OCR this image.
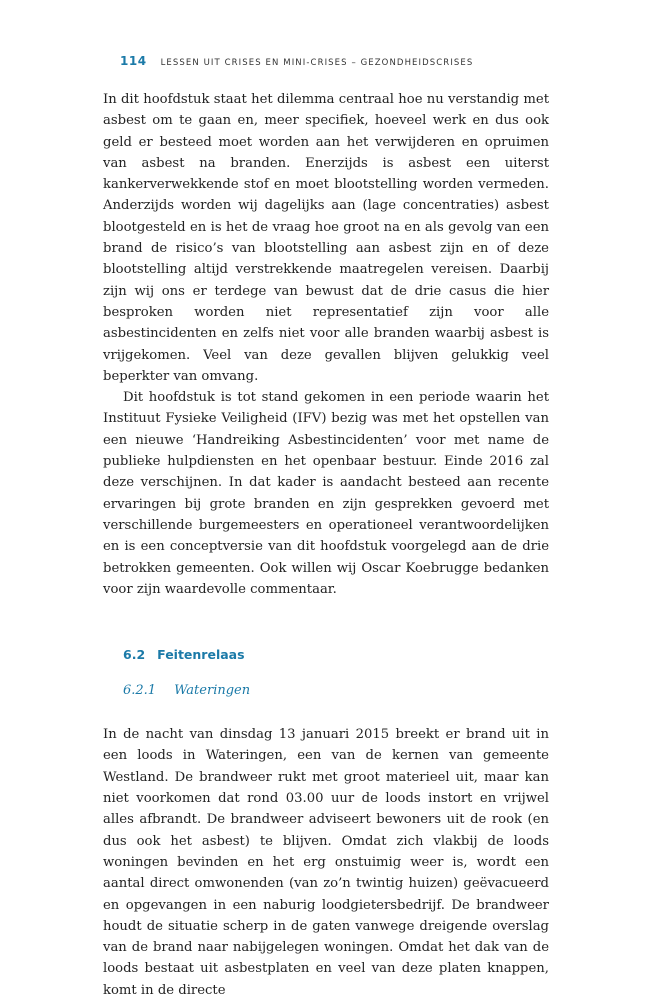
114 LESSEN UIT CRISES EN MINI-CRISES – GEZONDHEIDSCRISES

In dit hoofdstuk staat het dilemma centraal hoe nu verstandig met asbest om te gaan en, meer specifiek, hoeveel werk en dus ook geld er besteed moet worden aan het verwijderen en opruimen van asbest na branden. Enerzijds is asbest een uiterst kankerverwekkende stof en moet blootstelling worden vermeden. Anderzijds worden wij dagelijks aan (lage concentraties) asbest blootgesteld en is het de vraag hoe groot na en als gevolg van een brand de risico’s van blootstelling aan asbest zijn en of deze blootstelling altijd verstrekkende maatregelen vereisen. Daarbij zijn wij ons er terdege van bewust dat de drie casus die hier besproken worden niet representatief zijn voor alle asbestincidenten en zelfs niet voor alle branden waarbij asbest is vrijgekomen. Veel van deze gevallen blijven gelukkig veel beperkter van omvang.

Dit hoofdstuk is tot stand gekomen in een periode waarin het Instituut Fysieke Veiligheid (IFV) bezig was met het opstellen van een nieuwe ‘Handreiking Asbestincidenten’ voor met name de publieke hulpdiensten en het openbaar bestuur. Einde 2016 zal deze verschijnen. In dat kader is aandacht besteed aan recente ervaringen bij grote branden en zijn gesprekken gevoerd met verschillende burgemeesters en operationeel verantwoordelijken en is een conceptversie van dit hoofdstuk voorgelegd aan de drie betrokken gemeenten. Ook willen wij Oscar Koebrugge bedanken voor zijn waardevolle commentaar.

6.2 Feitenrelaas
6.2.1 Wateringen

In de nacht van dinsdag 13 januari 2015 breekt er brand uit in een loods in Wateringen, een van de kernen van gemeente Westland. De brandweer rukt met groot materieel uit, maar kan niet voorkomen dat rond 03.00 uur de loods instort en vrijwel alles afbrandt. De brandweer adviseert bewoners uit de rook (en dus ook het asbest) te blijven. Omdat zich vlakbij de loods woningen bevinden en het erg onstuimig weer is, wordt een aantal direct omwonenden (van zo’n twintig huizen) geëvacueerd en opgevangen in een naburig loodgietersbedrijf. De brandweer houdt de situatie scherp in de gaten vanwege dreigende overslag van de brand naar nabijgelegen woningen. Omdat het dak van de loods bestaat uit asbestplaten en veel van deze platen knappen, komt in de directe
